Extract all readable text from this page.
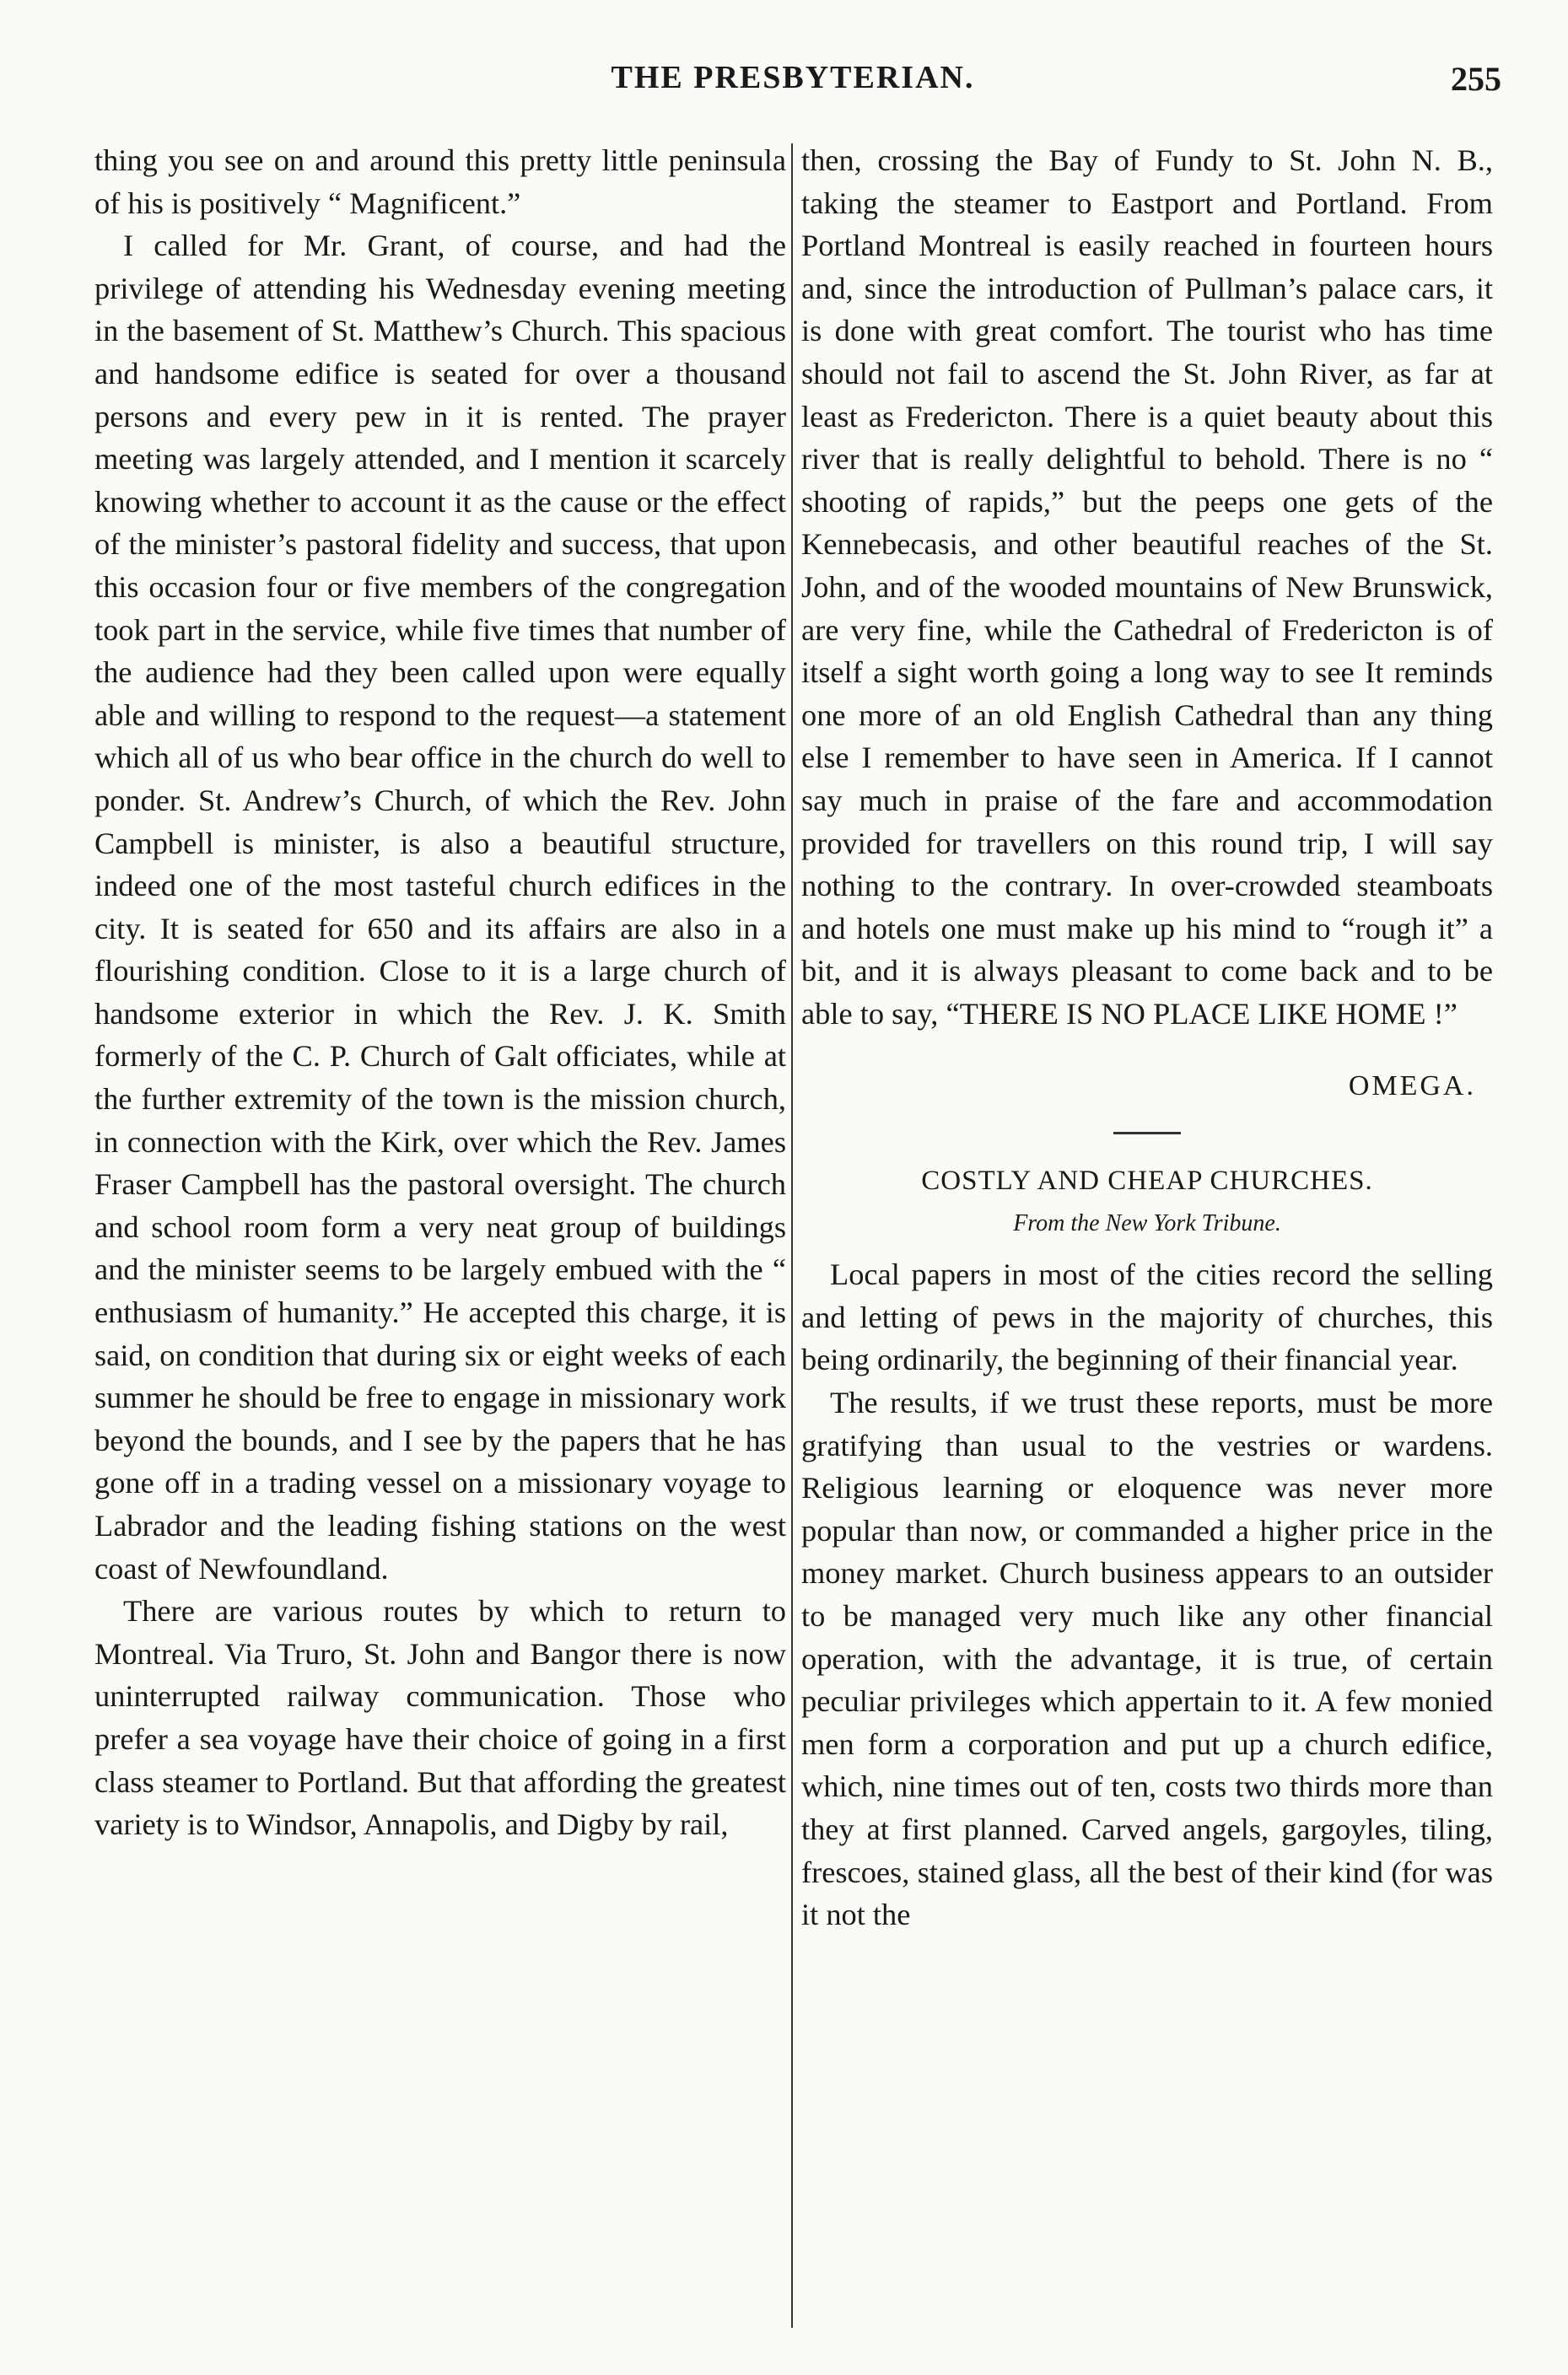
THE PRESBYTERIAN.	255

thing you see on and around this pretty little peninsula of his is positively “ Magnificent.”

I called for Mr. Grant, of course, and had the privilege of attending his Wednesday evening meeting in the basement of St. Matthew’s Church. This spacious and handsome edifice is seated for over a thousand persons and every pew in it is rented. The prayer meeting was largely attended, and I mention it scarcely knowing whether to account it as the cause or the effect of the minister’s pastoral fidelity and success, that upon this occasion four or five members of the congregation took part in the service, while five times that number of the audience had they been called upon were equally able and willing to respond to the request—a statement which all of us who bear office in the church do well to ponder. St. Andrew’s Church, of which the Rev. John Campbell is minister, is also a beautiful structure, indeed one of the most tasteful church edifices in the city. It is seated for 650 and its affairs are also in a flourishing condition. Close to it is a large church of handsome exterior in which the Rev. J. K. Smith formerly of the C. P. Church of Galt officiates, while at the further extremity of the town is the mission church, in connection with the Kirk, over which the Rev. James Fraser Campbell has the pastoral oversight. The church and school room form a very neat group of buildings and the minister seems to be largely embued with the “ enthusiasm of humanity.” He accepted this charge, it is said, on condition that during six or eight weeks of each summer he should be free to engage in missionary work beyond the bounds, and I see by the papers that he has gone off in a trading vessel on a missionary voyage to Labrador and the leading fishing stations on the west coast of Newfoundland.

There are various routes by which to return to Montreal. Via Truro, St. John and Bangor there is now uninterrupted railway communication. Those who prefer a sea voyage have their choice of going in a first class steamer to Portland. But that affording the greatest variety is to Windsor, Annapolis, and Digby by rail,

then, crossing the Bay of Fundy to St. John N. B., taking the steamer to Eastport and Portland. From Portland Montreal is easily reached in fourteen hours and, since the introduction of Pullman’s palace cars, it is done with great comfort. The tourist who has time should not fail to ascend the St. John River, as far at least as Fredericton. There is a quiet beauty about this river that is really delightful to behold. There is no “ shooting of rapids,” but the peeps one gets of the Kennebecasis, and other beautiful reaches of the St. John, and of the wooded mountains of New Brunswick, are very fine, while the Cathedral of Fredericton is of itself a sight worth going a long way to see It reminds one more of an old English Cathedral than any thing else I remember to have seen in America. If I cannot say much in praise of the fare and accommodation provided for travellers on this round trip, I will say nothing to the contrary. In over-crowded steamboats and hotels one must make up his mind to “rough it” a bit, and it is always pleasant to come back and to be able to say, “THERE IS NO PLACE LIKE HOME !”

OMEGA.

COSTLY AND CHEAP CHURCHES.

From the New York Tribune.

Local papers in most of the cities record the selling and letting of pews in the majority of churches, this being ordinarily, the beginning of their financial year.

The results, if we trust these reports, must be more gratifying than usual to the vestries or wardens. Religious learning or eloquence was never more popular than now, or commanded a higher price in the money market. Church business appears to an outsider to be managed very much like any other financial operation, with the advantage, it is true, of certain peculiar privileges which appertain to it. A few monied men form a corporation and put up a church edifice, which, nine times out of ten, costs two thirds more than they at first planned. Carved angels, gargoyles, tiling, frescoes, stained glass, all the best of their kind (for was it not the
